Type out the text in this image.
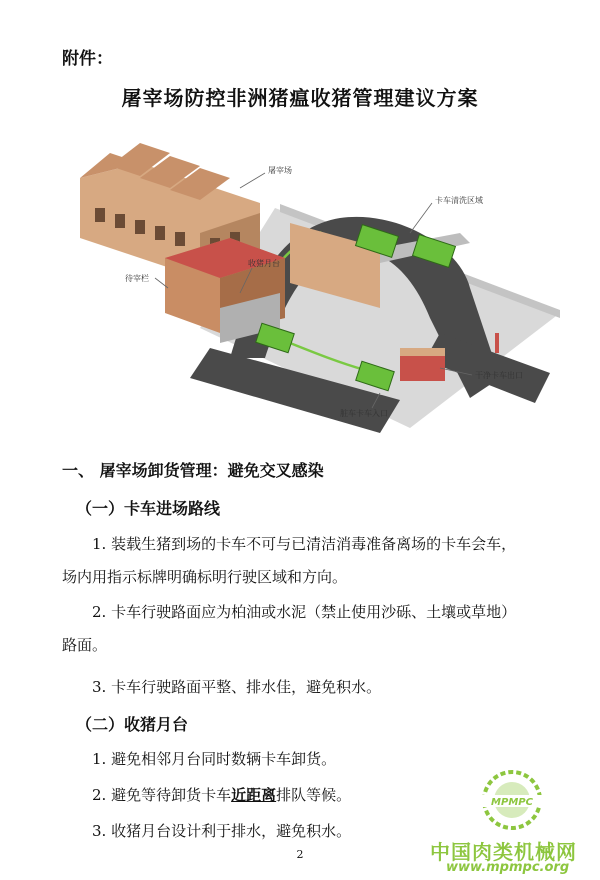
附件：
屠宰场防控非洲猪瘟收猪管理建议方案
屠宰场
卡车清洗区域
收猪月台
待宰栏
干净卡车出口
脏车卡车入口
一、 屠宰场卸货管理：避免交叉感染
（一）卡车进场路线
1. 装载生猪到场的卡车不可与已清洁消毒准备离场的卡车会车，
场内用指示标牌明确标明行驶区域和方向。
2. 卡车行驶路面应为柏油或水泥（禁止使用沙砾、土壤或草地）
路面。
3. 卡车行驶路面平整、排水佳，避免积水。
（二）收猪月台
1. 避免相邻月台同时数辆卡车卸货。
2. 避免等待卸货卡车近距离排队等候。
3. 收猪月台设计利于排水，避免积水。
2
MPMPC
中国肉类机械网
www.mpmpc.org
